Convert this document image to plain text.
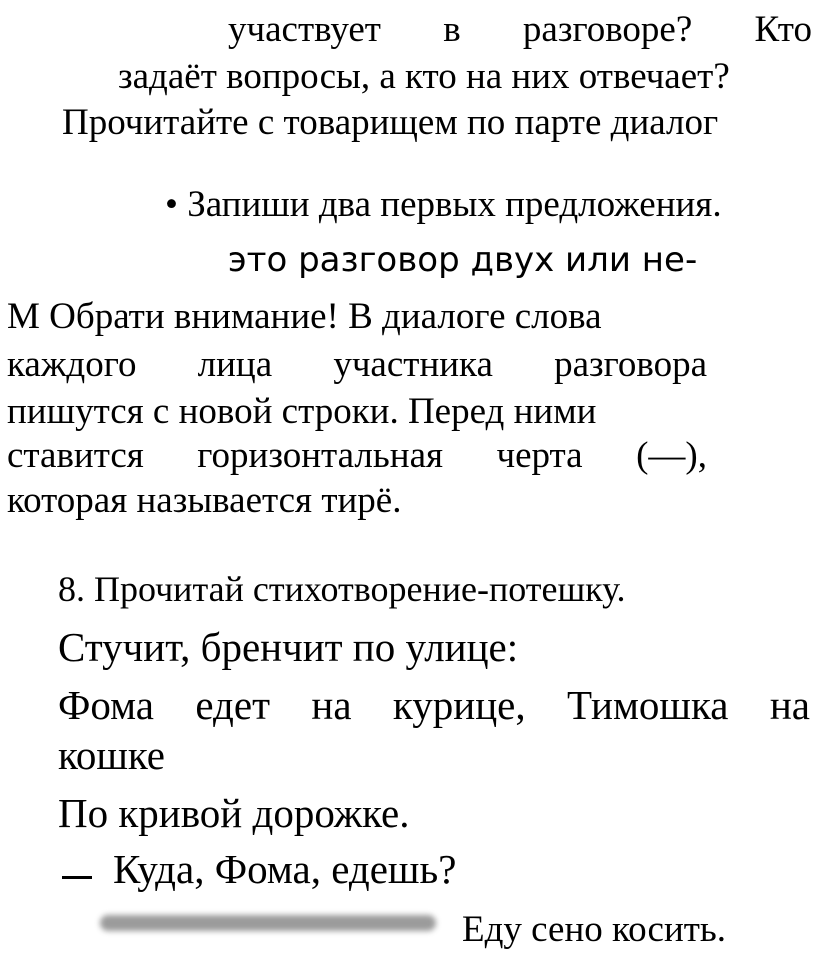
участвует в разговоре? Кто
задаёт вопросы, а кто на них отвечает?
Прочитайте с товарищем по парте диалог
• Запиши два первых предложения.
это разговор двух или не-
М Обрати внимание! В диалоге слова
каждого лица участника разговора
пишутся с новой строки. Перед ними
ставится горизонтальная черта (—),
которая называется тирё.
8. Прочитай стихотворение-потешку.
Стучит, бренчит по улице:
Фома едет на курице, Тимошка на
кошке
По кривой дорожке.
Куда, Фома, едешь?
Еду сено косить.
